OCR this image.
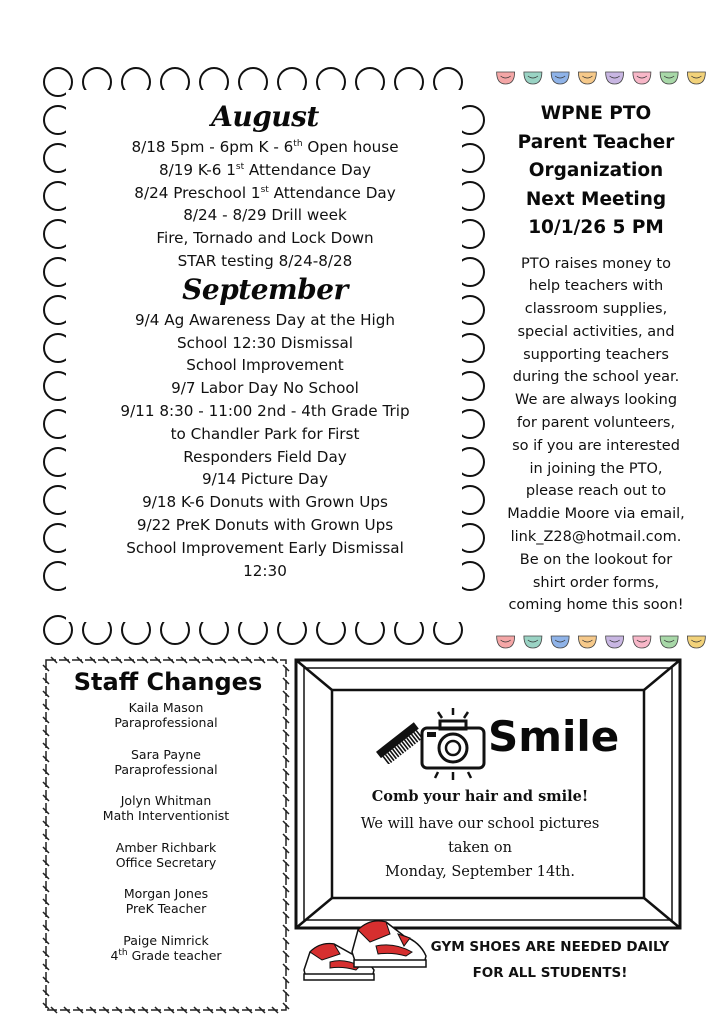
August
8/18 5pm - 6pm K - 6th Open house
8/19 K-6 1st Attendance Day
8/24 Preschool 1st Attendance Day
8/24 - 8/29 Drill week
Fire, Tornado and Lock Down
STAR testing 8/24-8/28
September
9/4 Ag Awareness Day at the High
School 12:30 Dismissal
School Improvement
9/7 Labor Day No School
9/11 8:30 - 11:00 2nd - 4th Grade Trip
to Chandler Park for First
Responders Field Day
9/14 Picture Day
9/18 K-6 Donuts with Grown Ups
9/22 PreK Donuts with Grown Ups
School Improvement Early Dismissal
12:30
WPNE PTO
Parent Teacher
Organization
Next Meeting
10/1/26 5 PM
PTO raises money to
help teachers with
classroom supplies,
special activities, and
supporting teachers
during the school year.
We are always looking
for parent volunteers,
so if you are interested
in joining the PTO,
please reach out to
Maddie Moore via email,
link_Z28@hotmail.com.
Be on the lookout for
shirt order forms,
coming home this soon!
Staff Changes
Kaila Mason
Paraprofessional
Sara Payne
Paraprofessional
Jolyn Whitman
Math Interventionist
Amber Richbark
Office Secretary
Morgan Jones
PreK Teacher
Paige Nimrick
4th Grade teacher
Smile
Comb your hair and smile!
We will have our school pictures
taken on
Monday, September 14th.
GYM SHOES ARE NEEDED DAILY
FOR ALL STUDENTS!
